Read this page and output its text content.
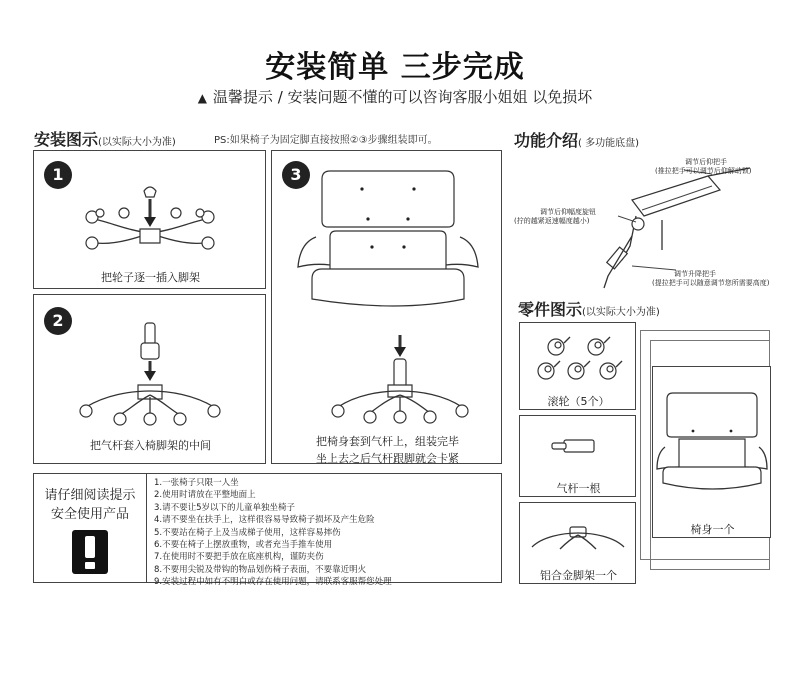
安装简单 三步完成
▲ 温馨提示 / 安装问题不懂的可以咨询客服小姐姐 以免损坏
安装图示(以实际大小为准)	PS:如果椅子为固定脚直接按照②③步骤组装即可。
1
把轮子逐一插入脚架
2
把气杆套入椅脚架的中间
3
把椅身套到气杆上，组装完毕
坐上去之后气杆跟脚就会卡紧
请仔细阅读提示
安全使用产品
1.一张椅子只限一人坐
2.使用时请放在平整地面上
3.请不要让5岁以下的儿童单独坐椅子
4.请不要坐在扶手上，这样很容易导致椅子损坏及产生危险
5.不要站在椅子上及当成梯子使用，这样容易摔伤
6.不要在椅子上摆放重物，或者充当手推车使用
7.在使用时不要把手放在底座机构，谨防夹伤
8.不要用尖锐及带钩的物品划伤椅子表面，不要靠近明火
9.安装过程中如有不明白或存在使用问题，请联系客服帮您处理
功能介绍( 多功能底盘)
调节后仰把手
(推拉把手可以调节后仰解动锁)
调节后仰幅度旋钮
(拧的越紧返速幅度越小)
调节升降把手
(提拉把手可以随意调节您所需要高度)
零件图示(以实际大小为准)
椅身一个
滚轮（5个）
气杆一根
铝合金脚架一个
